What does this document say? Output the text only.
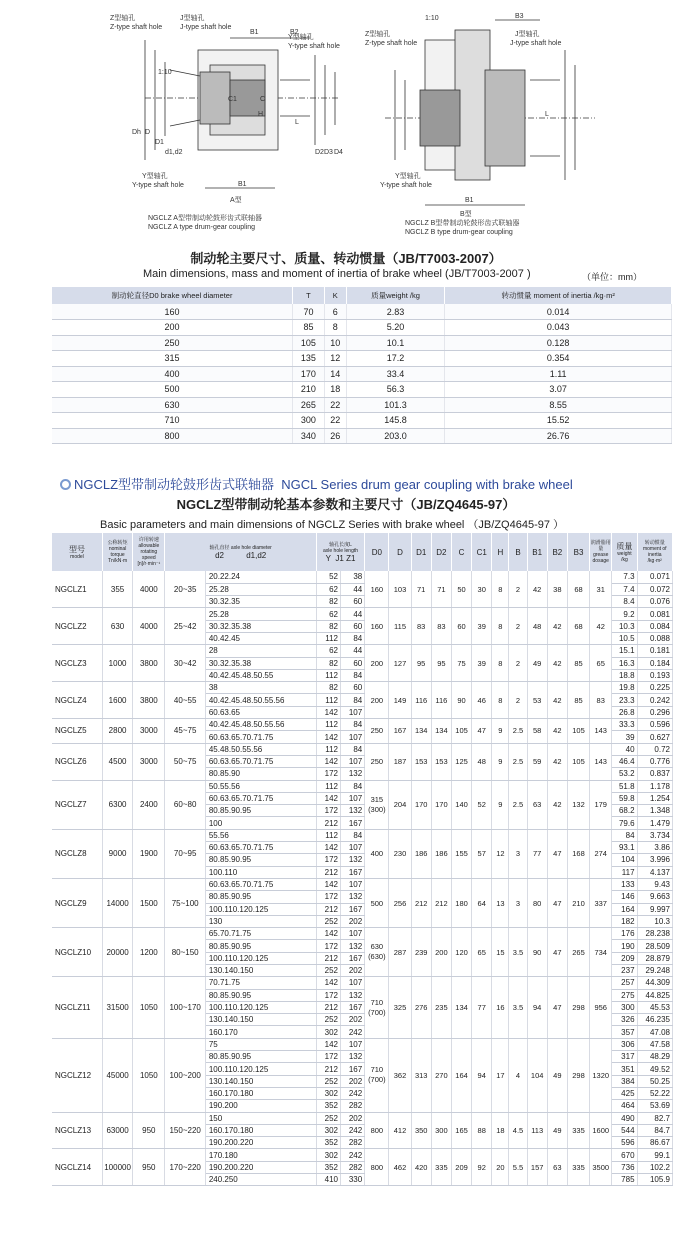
Z型轴孔
Z-type shaft hole
J型轴孔
J-type shaft hole
Y型轴孔
Y-type shaft hole
1:10
B1	B2
H
L
C
C1
Dh D
D1
d1,d2	D2 D3 D4
B1
Y型轴孔
Y-type shaft hole
A型
NGCLZ A型带制动轮鼓形齿式联轴器
NGCLZ A type drum-gear coupling
Z型轴孔
Z-type shaft hole
J型轴孔
J-type shaft hole
1:10	B3
L
Y型轴孔
Y-type shaft hole
B1
B型
NGCLZ B型带制动轮鼓形齿式联轴器
NGCLZ B type drum-gear coupling
制动轮主要尺寸、质量、转动惯量（JB/T7003-2007）
Main dimensions, mass and moment of inertia of brake wheel (JB/T7003-2007 )	（单位：mm）
制动轮直径D0 brake wheel diameter	T	K	质量weight /kg	转动惯量 moment of inertia /kg·m²
160	70	6	2.83	0.014
200	85	8	5.20	0.043
250	105	10	10.1	0.128
315	135	12	17.2	0.354
400	170	14	33.4	1.11
500	210	18	56.3	3.07
630	265	22	101.3	8.55
710	300	22	145.8	15.52
800	340	26	203.0	26.76
NGCLZ型带制动轮鼓形齿式联轴器 NGCL Series drum gear coupling with brake wheel
NGCLZ型带制动轮基本参数和主要尺寸（JB/ZQ4645-97）
Basic parameters and main dimensions of NGCLZ Series with brake wheel （JB/ZQ4645-97 ）
型号
model	公称转矩
nominal torque
Tn/kN·m	许用转速
allowable rotating speed
[n]/r·min⁻¹	轴孔直径 axle hole diameter
d2 d1,d2		轴孔长度L
axle hole length
Y J1 Z1		D0	D	D1	D2	C	C1	H	B	B1	B2	B3	润滑脂用量
grease dosage	质量
weight
/kg	转动惯量
moment of inertia
/kg·m²

NGCLZ1	355	4000	20~35	20.22.24	52	38	160	103	71	71	50	30	8	2	42	38	68	31	7.3	0.071
				25.28	62	44													7.4	0.072
				30.32.35	82	60													8.4	0.076
NGCLZ2	630	4000	25~42	25.28	62	44	160	115	83	83	60	39	8	2	48	42	68	42	9.2	0.081
				30.32.35.38	82	60													10.3	0.084
				40.42.45	112	84													10.5	0.088
NGCLZ3	1000	3800	30~42	28	62	44	200	127	95	95	75	39	8	2	49	42	85	65	15.1	0.181
				30.32.35.38	82	60													16.3	0.184
				40.42.45.48.50.55	112	84													18.8	0.193
NGCLZ4	1600	3800	40~55	38	82	60	200	149	116	116	90	46	8	2	53	42	85	83	19.8	0.225
				40.42.45.48.50.55.56	112	84													23.3	0.242
				60.63.65	142	107													26.8	0.296
NGCLZ5	2800	3000	45~75	40.42.45.48.50.55.56	112	84	250	167	134	134	105	47	9	2.5	58	42	105	143	33.3	0.596
				60.63.65.70.71.75	142	107													39	0.627
NGCLZ6	4500	3000	50~75	45.48.50.55.56	112	84	250	187	153	153	125	48	9	2.5	59	42	105	143	40	0.72
				60.63.65.70.71.75	142	107													46.4	0.776
				80.85.90	172	132													53.2	0.837
NGCLZ7	6300	2400	60~80	50.55.56	112	84	315 (300)	204	170	170	140	52	9	2.5	63	42	132	179	51.8	1.178
				60.63.65.70.71.75	142	107													59.8	1.254
				80.85.90.95	172	132													68.2	1.348
				100	212	167													79.6	1.479
NGCLZ8	9000	1900	70~95	55.56	112	84	400	230	186	186	155	57	12	3	77	47	168	274	84	3.734
				60.63.65.70.71.75	142	107													93.1	3.86
				80.85.90.95	172	132													104	3.996
				100.110	212	167													117	4.137
NGCLZ9	14000	1500	75~100	60.63.65.70.71.75	142	107	500	256	212	212	180	64	13	3	80	47	210	337	133	9.43
				80.85.90.95	172	132													146	9.663
				100.110.120.125	212	167													164	9.997
				130	252	202													182	10.3
NGCLZ10	20000	1200	80~150	65.70.71.75	142	107	630 (630)	287	239	200	120	65	15	3.5	90	47	265	734	176	28.238
				80.85.90.95	172	132													190	28.509
				100.110.120.125	212	167													209	28.879
				130.140.150	252	202													237	29.248
NGCLZ11	31500	1050	100~170	70.71.75	142	107	710 (700)	325	276	235	134	77	16	3.5	94	47	298	956	257	44.309
				80.85.90.95	172	132													275	44.825
				100.110.120.125	212	167													300	45.53
				130.140.150	252	202													326	46.235
				160.170	302	242													357	47.08
NGCLZ12	45000	1050	100~200	75	142	107	710 (700)	362	313	270	164	94	17	4	104	49	298	1320	306	47.58
				80.85.90.95	172	132													317	48.29
				100.110.120.125	212	167													351	49.52
				130.140.150	252	202													384	50.25
				160.170.180	302	242													425	52.22
				190.200	352	282													464	53.69
NGCLZ13	63000	950	150~220	150	252	202	800	412	350	300	165	88	18	4.5	113	49	335	1600	490	82.7
				160.170.180	302	242													544	84.7
				190.200.220	352	282													596	86.67
NGCLZ14	100000	950	170~220	170.180	302	242	800	462	420	335	209	92	20	5.5	157	63	335	3500	670	99.1
				190.200.220	352	282													736	102.2
				240.250	410	330													785	105.9
